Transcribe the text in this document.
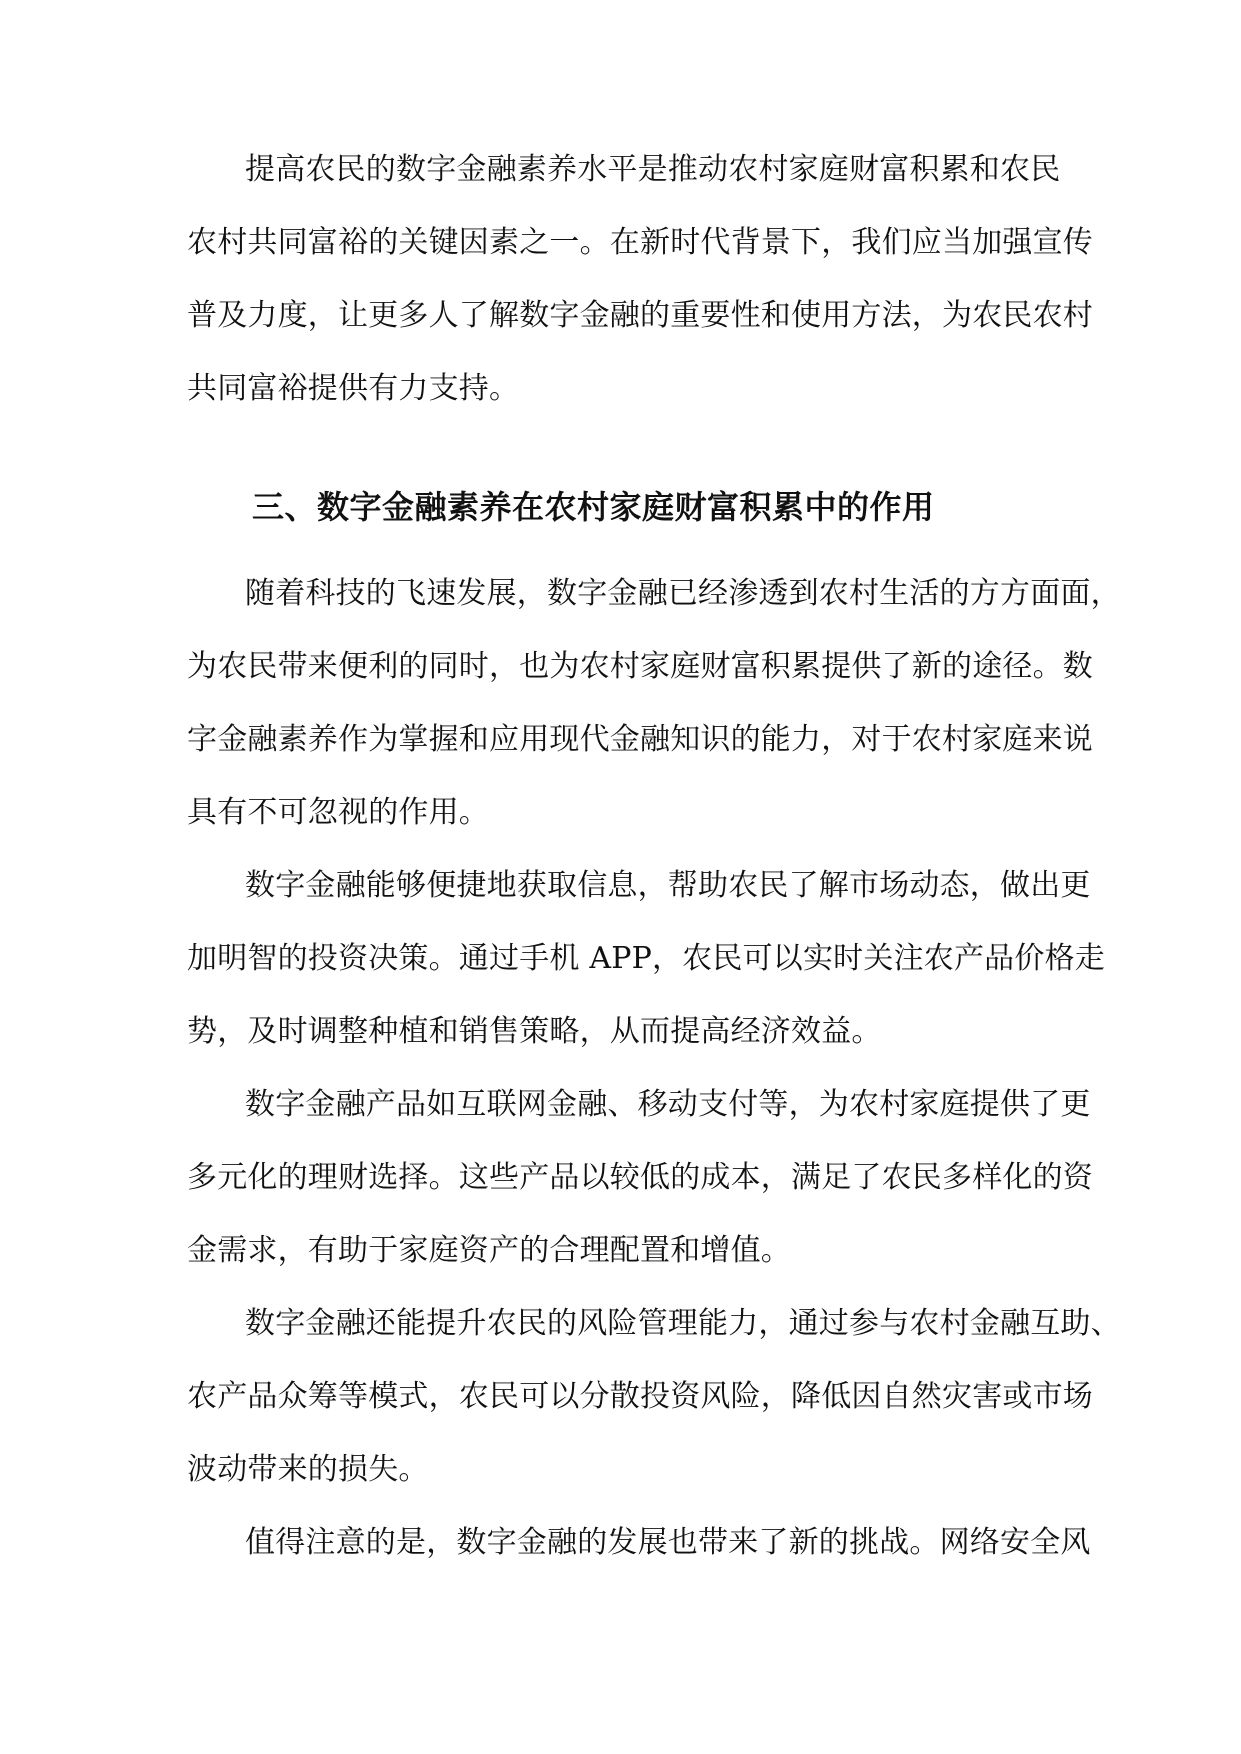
提高农民的数字金融素养水平是推动农村家庭财富积累和农民
农村共同富裕的关键因素之一。在新时代背景下，我们应当加强宣传
普及力度，让更多人了解数字金融的重要性和使用方法，为农民农村
共同富裕提供有力支持。
三、数字金融素养在农村家庭财富积累中的作用
随着科技的飞速发展，数字金融已经渗透到农村生活的方方面面，
为农民带来便利的同时，也为农村家庭财富积累提供了新的途径。数
字金融素养作为掌握和应用现代金融知识的能力，对于农村家庭来说
具有不可忽视的作用。
数字金融能够便捷地获取信息，帮助农民了解市场动态，做出更
加明智的投资决策。通过手机 APP，农民可以实时关注农产品价格走
势，及时调整种植和销售策略，从而提高经济效益。
数字金融产品如互联网金融、移动支付等，为农村家庭提供了更
多元化的理财选择。这些产品以较低的成本，满足了农民多样化的资
金需求，有助于家庭资产的合理配置和增值。
数字金融还能提升农民的风险管理能力，通过参与农村金融互助、
农产品众筹等模式，农民可以分散投资风险，降低因自然灾害或市场
波动带来的损失。
值得注意的是，数字金融的发展也带来了新的挑战。网络安全风
